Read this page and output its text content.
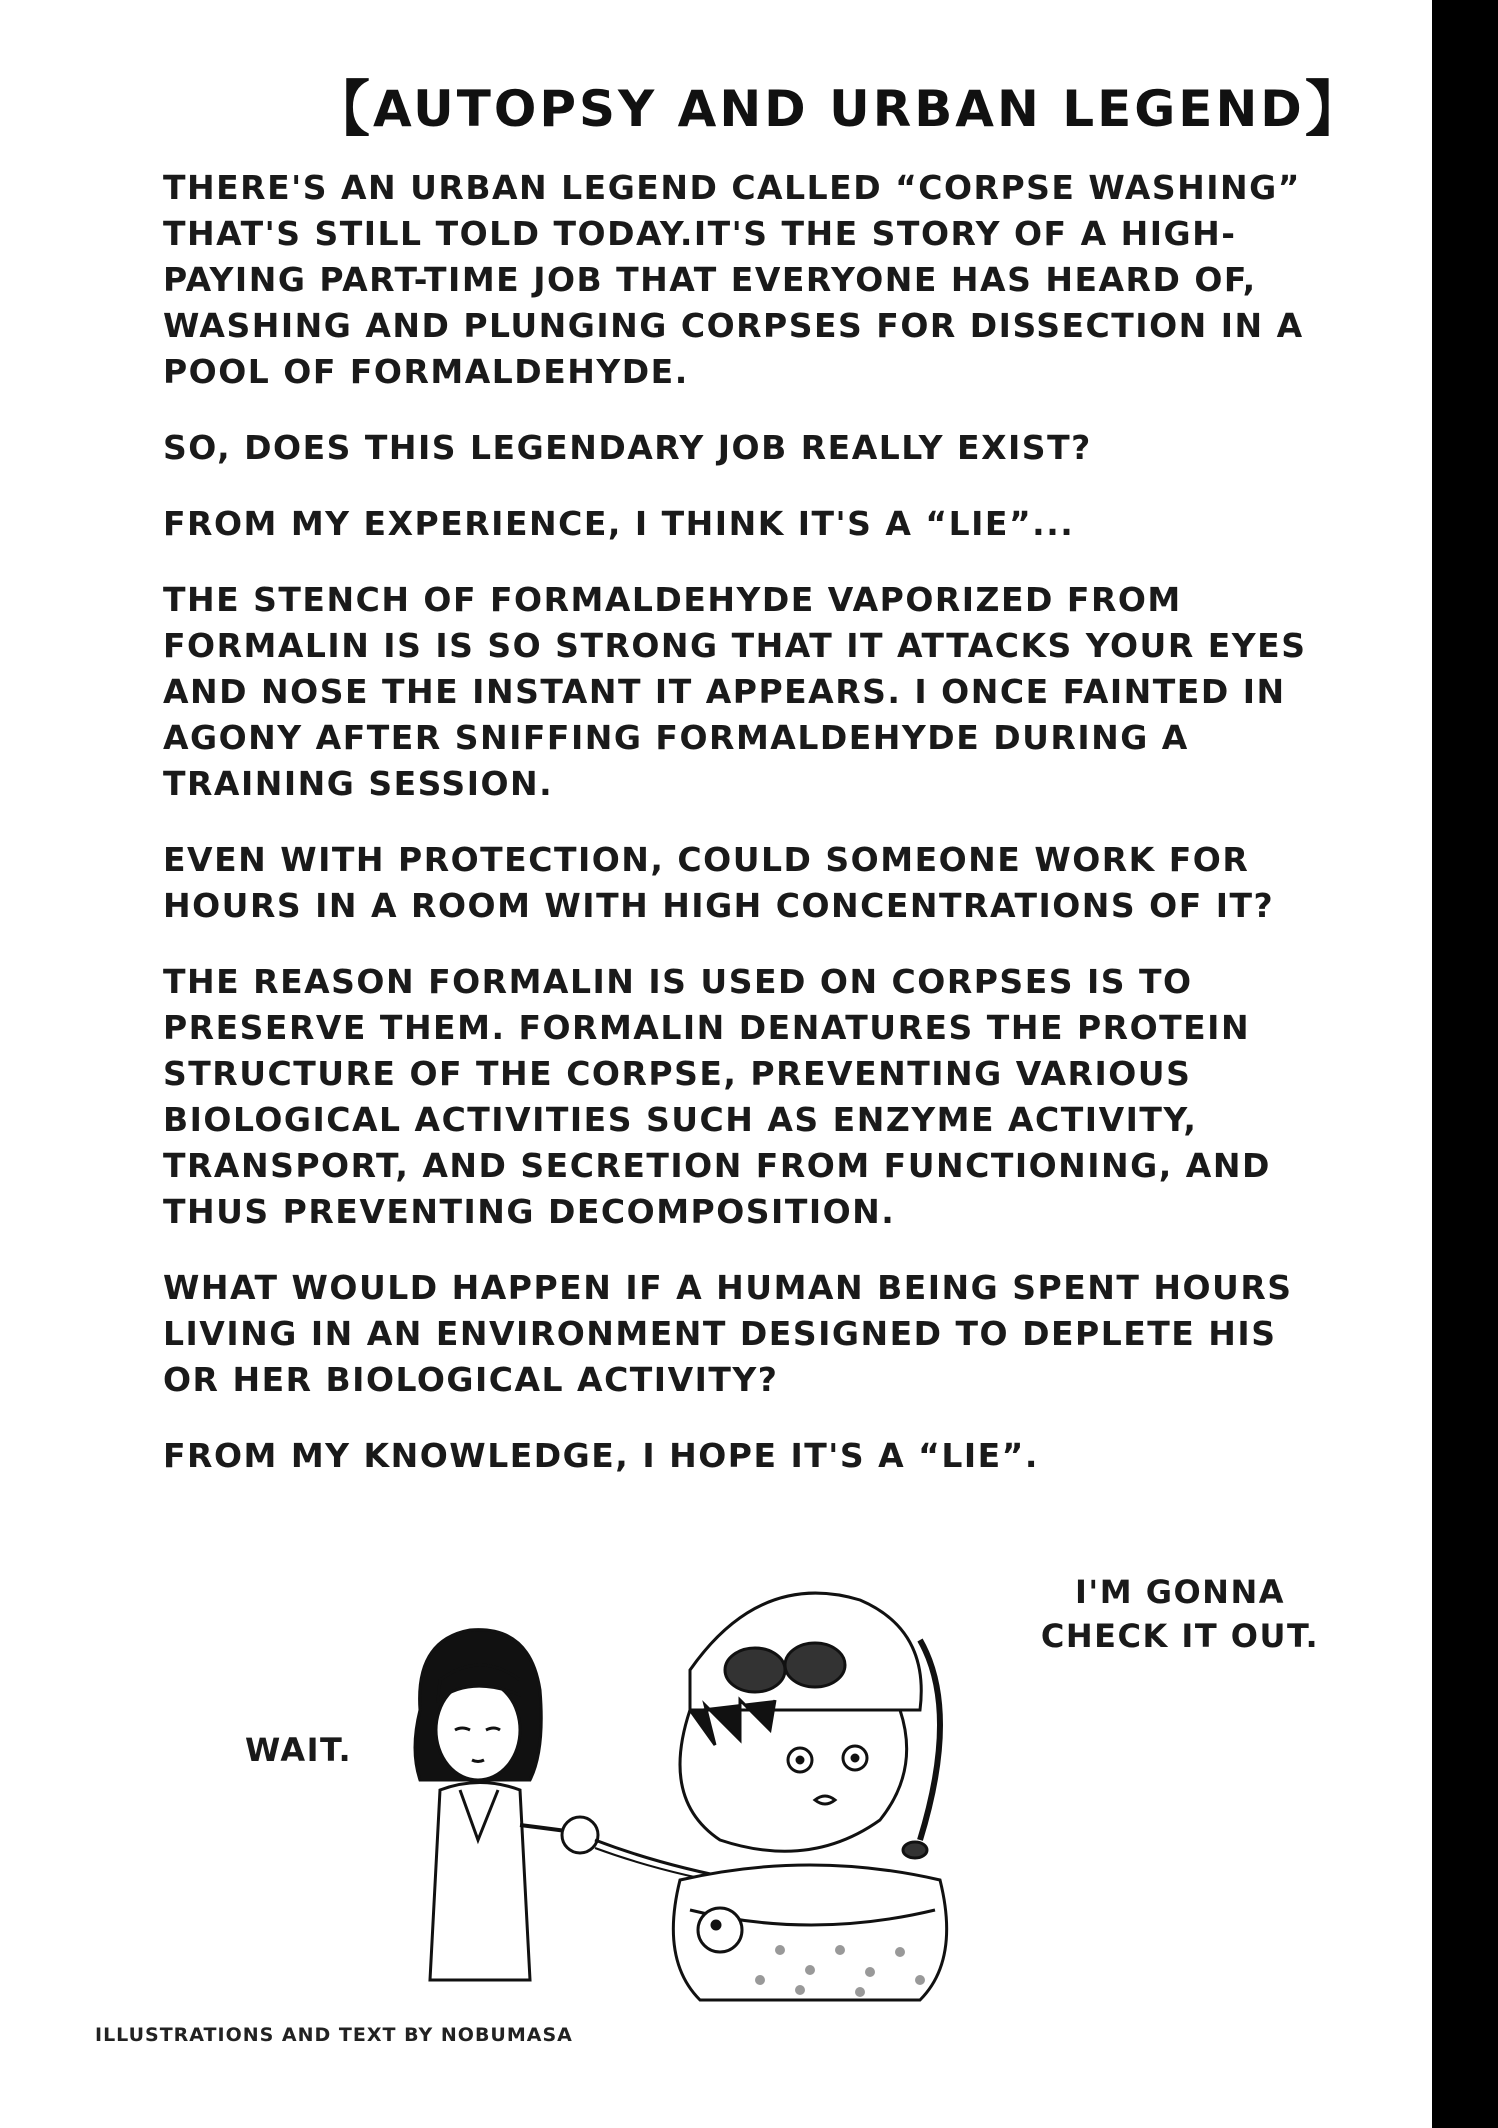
【AUTOPSY AND URBAN LEGEND】

THERE'S AN URBAN LEGEND CALLED “CORPSE WASHING” THAT'S STILL TOLD TODAY.IT'S THE STORY OF A HIGH-PAYING PART-TIME JOB THAT EVERYONE HAS HEARD OF, WASHING AND PLUNGING CORPSES FOR DISSECTION IN A POOL OF FORMALDEHYDE.

SO, DOES THIS LEGENDARY JOB REALLY EXIST?

FROM MY EXPERIENCE, I THINK IT'S A “LIE”...

THE STENCH OF FORMALDEHYDE VAPORIZED FROM FORMALIN IS IS SO STRONG THAT IT ATTACKS YOUR EYES AND NOSE THE INSTANT IT APPEARS. I ONCE FAINTED IN AGONY AFTER SNIFFING FORMALDEHYDE DURING A TRAINING SESSION.

EVEN WITH PROTECTION, COULD SOMEONE WORK FOR HOURS IN A ROOM WITH HIGH CONCENTRATIONS OF IT?

THE REASON FORMALIN IS USED ON CORPSES IS TO PRESERVE THEM. FORMALIN DENATURES THE PROTEIN STRUCTURE OF THE CORPSE, PREVENTING VARIOUS BIOLOGICAL ACTIVITIES SUCH AS ENZYME ACTIVITY, TRANSPORT, AND SECRETION FROM FUNCTIONING, AND THUS PREVENTING DECOMPOSITION.

WHAT WOULD HAPPEN IF A HUMAN BEING SPENT HOURS LIVING IN AN ENVIRONMENT DESIGNED TO DEPLETE HIS OR HER BIOLOGICAL ACTIVITY?

FROM MY KNOWLEDGE, I HOPE IT'S A “LIE”.

I'M GONNA
CHECK IT OUT.
WAIT.
ILLUSTRATIONS AND TEXT BY NOBUMASA
